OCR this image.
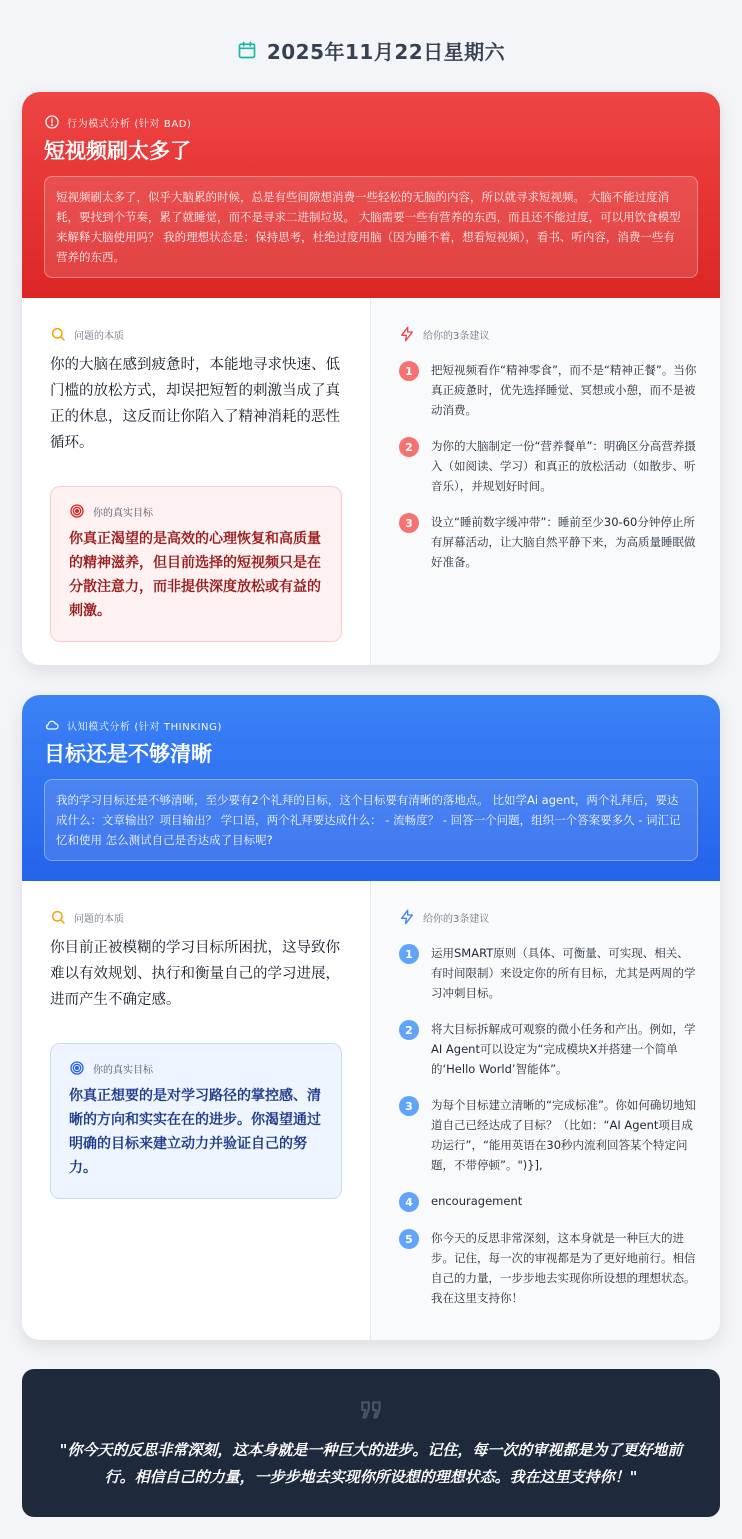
2025年11月22日星期六
行为模式分析 (针对 BAD)
短视频刷太多了
短视频刷太多了，似乎大脑累的时候，总是有些间隙想消费一些轻松的无脑的内容，所以就寻求短视频。 大脑不能过度消耗，要找到个节奏，累了就睡觉，而不是寻求二进制垃圾。 大脑需要一些有营养的东西，而且还不能过度，可以用饮食模型来解释大脑使用吗？ 我的理想状态是：保持思考，杜绝过度用脑（因为睡不着，想看短视频），看书、听内容，消费一些有营养的东西。
问题的本质
你的大脑在感到疲惫时，本能地寻求快速、低门槛的放松方式，却误把短暂的刺激当成了真正的休息，这反而让你陷入了精神消耗的恶性循环。
你的真实目标
你真正渴望的是高效的心理恢复和高质量的精神滋养，但目前选择的短视频只是在分散注意力，而非提供深度放松或有益的刺激。
给你的3条建议
1	把短视频看作“精神零食”，而不是“精神正餐”。当你真正疲惫时，优先选择睡觉、冥想或小憩，而不是被动消费。
2	为你的大脑制定一份“营养餐单”：明确区分高营养摄入（如阅读、学习）和真正的放松活动（如散步、听音乐），并规划好时间。
3	设立“睡前数字缓冲带”：睡前至少30-60分钟停止所有屏幕活动，让大脑自然平静下来，为高质量睡眠做好准备。
认知模式分析 (针对 THINKING)
目标还是不够清晰
我的学习目标还是不够清晰，至少要有2个礼拜的目标，这个目标要有清晰的落地点。 比如学Ai agent，两个礼拜后，要达成什么：文章输出？项目输出？ 学口语，两个礼拜要达成什么： - 流畅度？ - 回答一个问题，组织一个答案要多久 - 词汇记忆和使用 怎么测试自己是否达成了目标呢?
问题的本质
你目前正被模糊的学习目标所困扰，这导致你难以有效规划、执行和衡量自己的学习进展，进而产生不确定感。
你的真实目标
你真正想要的是对学习路径的掌控感、清晰的方向和实实在在的进步。你渴望通过明确的目标来建立动力并验证自己的努力。
给你的3条建议
1	运用SMART原则（具体、可衡量、可实现、相关、有时间限制）来设定你的所有目标，尤其是两周的学习冲刺目标。
2	将大目标拆解成可观察的微小任务和产出。例如，学AI Agent可以设定为“完成模块X并搭建一个简单的‘Hello World’智能体”。
3	为每个目标建立清晰的“完成标准”。你如何确切地知道自己已经达成了目标？（比如：“AI Agent项目成功运行”，“能用英语在30秒内流利回答某个特定问题，不带停顿”。")}],
4	encouragement
5	你今天的反思非常深刻，这本身就是一种巨大的进步。记住，每一次的审视都是为了更好地前行。相信自己的力量，一步步地去实现你所设想的理想状态。我在这里支持你！
"你今天的反思非常深刻，这本身就是一种巨大的进步。记住，每一次的审视都是为了更好地前行。相信自己的力量，一步步地去实现你所设想的理想状态。我在这里支持你！"
